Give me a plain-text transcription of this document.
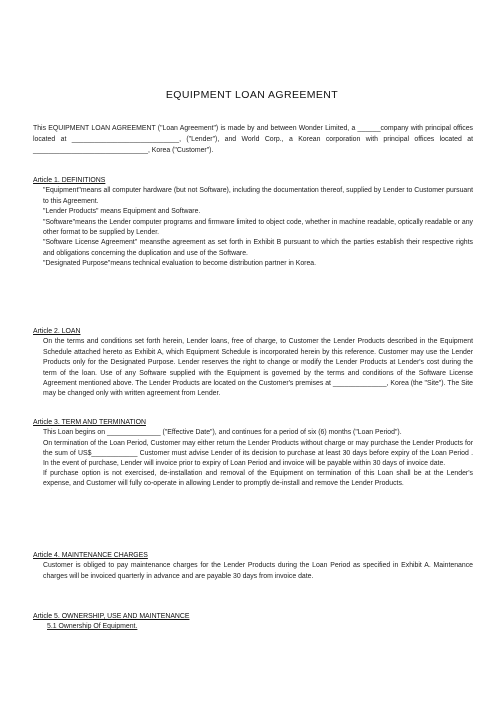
EQUIPMENT LOAN AGREEMENT
This EQUIPMENT LOAN AGREEMENT ("Loan Agreement") is made by and between Wonder Limited, a ______company with principal offices located at ____________________________, ("Lender"), and World Corp., a Korean corporation with principal offices located at ______________________________, Korea ("Customer").
Article 1. DEFINITIONS
"Equipment"means all computer hardware (but not Software), including the documentation thereof, supplied by Lender to Customer pursuant to this Agreement.
"Lender Products" means Equipment and Software.
"Software"means the Lender computer programs and firmware limited to object code, whether in machine readable, optically readable or any other format to be supplied by Lender.
"Software License Agreement" meansthe agreement as set forth in Exhibit B pursuant to which the parties establish their respective rights and obligations concerning the duplication and use of the Software.
"Designated Purpose"means technical evaluation to become distribution partner in Korea.
Article 2. LOAN
On the terms and conditions set forth herein, Lender loans, free of charge, to Customer the Lender Products described in the Equipment Schedule attached hereto as Exhibit A, which Equipment Schedule is incorporated herein by this reference. Customer may use the Lender Products only for the Designated Purpose. Lender reserves the right to change or modify the Lender Products at Lender's cost during the term of the loan. Use of any Software supplied with the Equipment is governed by the terms and conditions of the Software License Agreement mentioned above. The Lender Products are located on the Customer's premises at ______________, Korea (the "Site"). The Site may be changed only with written agreement from Lender.
Article 3. TERM AND TERMINATION
This Loan begins on ______________ ("Effective Date"), and continues for a period of six (6) months ("Loan Period").
On termination of the Loan Period, Customer may either return the Lender Products without charge or may purchase the Lender Products for the sum of US$____________ Customer must advise Lender of its decision to purchase at least 30 days before expiry of the Loan Period . In the event of purchase, Lender will invoice prior to expiry of Loan Period and invoice will be payable within 30 days of invoice date.
If purchase option is not exercised, de-installation and removal of the Equipment on termination of this Loan shall be at the Lender's expense, and Customer will fully co-operate in allowing Lender to promptly de-install and remove the Lender Products.
Article 4. MAINTENANCE CHARGES
Customer is obliged to pay maintenance charges for the Lender Products during the Loan Period as specified in Exhibit A. Maintenance charges will be invoiced quarterly in advance and are payable 30 days from invoice date.
Article 5. OWNERSHIP, USE AND MAINTENANCE
5.1 Ownership Of Equipment.
